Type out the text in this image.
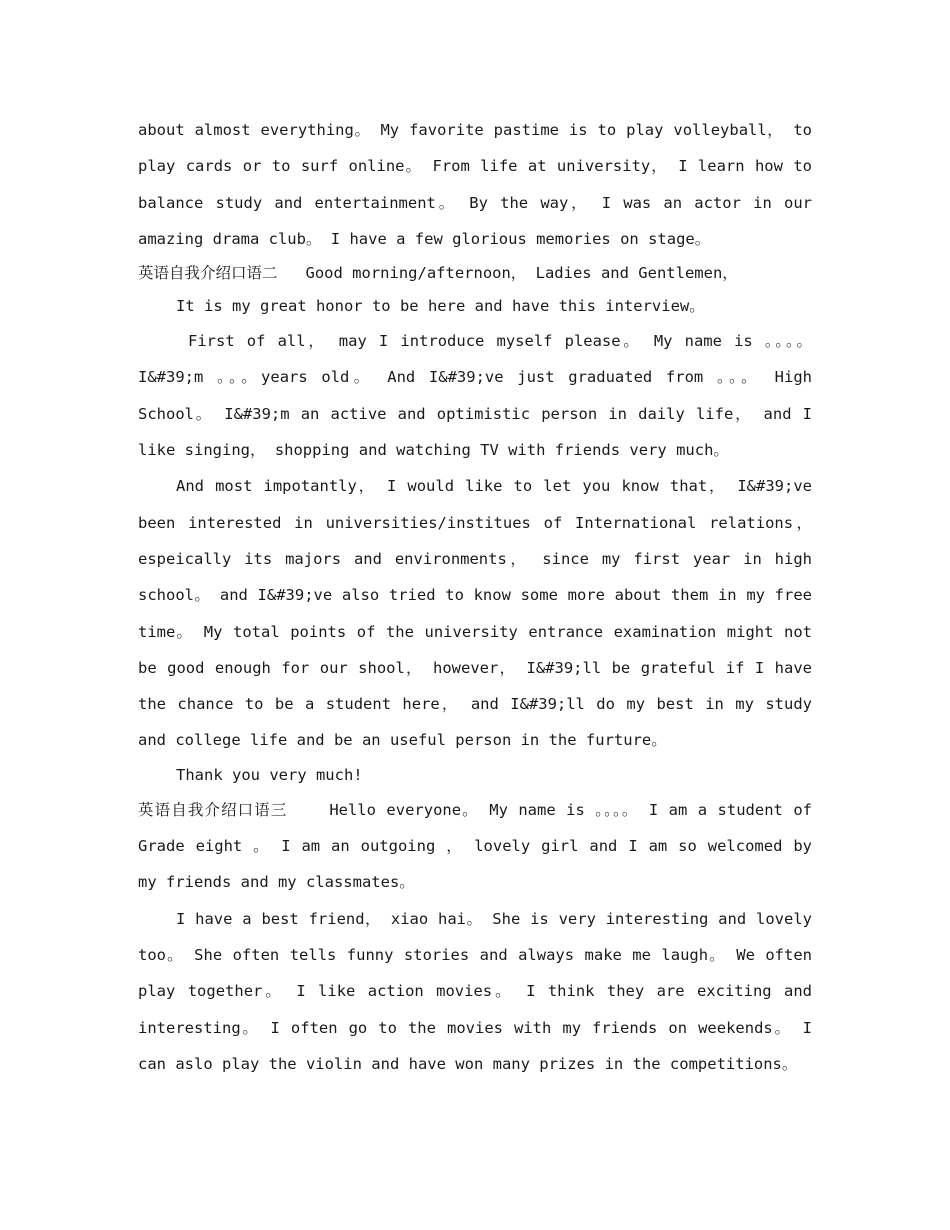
about almost everything。 My favorite pastime is to play volleyball， to play cards or to surf online。 From life at university， I learn how to balance study and entertainment。 By the way， I was an actor in our amazing drama club。 I have a few glorious memories on stage。

英语自我介绍口语二   Good morning/afternoon， Ladies and Gentlemen，

It is my great honor to be here and have this interview。

First of all， may I introduce myself please。 My name is 。。。。I&#39;m 。。。years old。 And I&#39;ve just graduated from 。。。 High School。 I&#39;m an active and optimistic person in daily life， and I like singing， shopping and watching TV with friends very much。

And most impotantly， I would like to let you know that， I&#39;ve been interested in universities/institues of International relations， espeically its majors and environments， since my first year in high school。 and I&#39;ve also tried to know some more about them in my free time。 My total points of the university entrance examination might not be good enough for our shool， however， I&#39;ll be grateful if I have the chance to be a student here， and I&#39;ll do my best in my study and college life and be an useful person in the furture。

Thank you very much!

英语自我介绍口语三    Hello everyone。 My name is 。。。。 I am a student of Grade eight 。 I am an outgoing ， lovely girl and I am so welcomed by my friends and my classmates。

I have a best friend， xiao hai。 She is very interesting and lovely too。 She often tells funny stories and always make me laugh。 We often play together。 I like action movies。 I think they are exciting and interesting。 I often go to the movies with my friends on weekends。 I can aslo play the violin and have won many prizes in the competitions。
